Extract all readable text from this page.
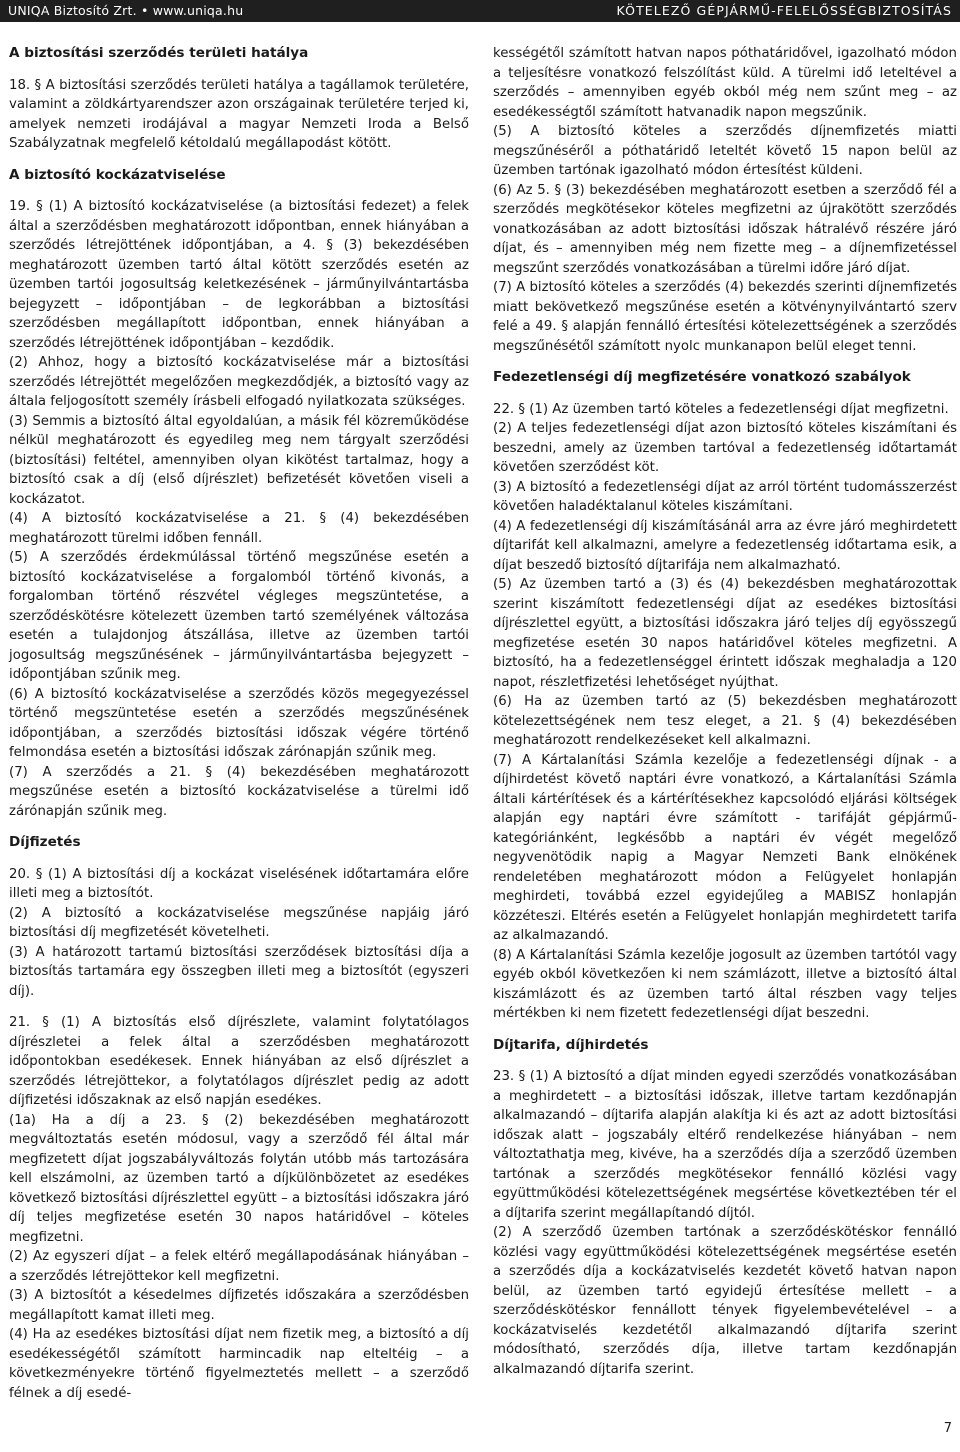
UNIQA Biztosító Zrt. • www.uniqa.hu	KÖTELEZŐ GÉPJÁRMŰ-FELELŐSSÉGBIZTOSÍTÁS
A biztosítási szerződés területi hatálya

18. § A biztosítási szerződés területi hatálya a tagállamok területére, valamint a zöldkártyarendszer azon országainak területére terjed ki, amelyek nemzeti irodájával a magyar Nemzeti Iroda a Belső Szabályzatnak megfelelő kétoldalú megállapodást kötött.

A biztosító kockázatviselése

19. § (1) A biztosító kockázatviselése (a biztosítási fedezet) a felek által a szerződésben meghatározott időpontban, ennek hiányában a szerződés létrejöttének időpontjában, a 4. § (3) bekezdésében meghatározott üzemben tartó által kötött szerződés esetén az üzemben tartói jogosultság keletkezésének – járműnyilvántartásba bejegyzett – időpontjában – de legkorábban a biztosítási szerződésben megállapított időpontban, ennek hiányában a szerződés létrejöttének időpontjában – kezdődik.

(2) Ahhoz, hogy a biztosító kockázatviselése már a biztosítási szerződés létrejöttét megelőzően megkezdődjék, a biztosító vagy az általa feljogosított személy írásbeli elfogadó nyilatkozata szükséges.

(3) Semmis a biztosító által egyoldalúan, a másik fél közreműködése nélkül meghatározott és egyedileg meg nem tárgyalt szerződési (biztosítási) feltétel, amennyiben olyan kikötést tartalmaz, hogy a biztosító csak a díj (első díjrészlet) befizetését követően viseli a kockázatot.

(4) A biztosító kockázatviselése a 21. § (4) bekezdésében meghatározott türelmi időben fennáll.

(5) A szerződés érdekmúlással történő megszűnése esetén a biztosító kockázatviselése a forgalomból történő kivonás, a forgalomban történő részvétel végleges megszüntetése, a szerződéskötésre kötelezett üzemben tartó személyének változása esetén a tulajdonjog átszállása, illetve az üzemben tartói jogosultság megszűnésének – járműnyilvántartásba bejegyzett – időpontjában szűnik meg.

(6) A biztosító kockázatviselése a szerződés közös megegyezéssel történő megszüntetése esetén a szerződés megszűnésének időpontjában, a szerződés biztosítási időszak végére történő felmondása esetén a biztosítási időszak zárónapján szűnik meg.

(7) A szerződés a 21. § (4) bekezdésében meghatározott megszűnése esetén a biztosító kockázatviselése a türelmi idő zárónapján szűnik meg.

Díjfizetés

20. § (1) A biztosítási díj a kockázat viselésének időtartamára előre illeti meg a biztosítót.

(2) A biztosító a kockázatviselése megszűnése napjáig járó biztosítási díj megfizetését követelheti.

(3) A határozott tartamú biztosítási szerződések biztosítási díja a biztosítás tartamára egy összegben illeti meg a biztosítót (egyszeri díj).

21. § (1) A biztosítás első díjrészlete, valamint folytatólagos díjrészletei a felek által a szerződésben meghatározott időpontokban esedékesek. Ennek hiányában az első díjrészlet a szerződés létrejöttekor, a folytatólagos díjrészlet pedig az adott díjfizetési időszaknak az első napján esedékes.

(1a) Ha a díj a 23. § (2) bekezdésében meghatározott megváltoztatás esetén módosul, vagy a szerződő fél által már megfizetett díjat jogszabályváltozás folytán utóbb más tartozására kell elszámolni, az üzemben tartó a díjkülönbözetet az esedékes következő biztosítási díjrészlettel együtt – a biztosítási időszakra járó díj teljes megfizetése esetén 30 napos határidővel – köteles megfizetni.

(2) Az egyszeri díjat – a felek eltérő megállapodásának hiányában – a szerződés létrejöttekor kell megfizetni.

(3) A biztosítót a késedelmes díjfizetés időszakára a szerződésben megállapított kamat illeti meg.

(4) Ha az esedékes biztosítási díjat nem fizetik meg, a biztosító a díj esedékességétől számított harmincadik nap elteltéig – a következményekre történő figyelmeztetés mellett – a szerződő félnek a díj esedé-

kességétől számított hatvan napos póthatáridővel, igazolható módon a teljesítésre vonatkozó felszólítást küld. A türelmi idő leteltével a szerződés – amennyiben egyéb okból még nem szűnt meg – az esedékességtől számított hatvanadik napon megszűnik.

(5) A biztosító köteles a szerződés díjnemfizetés miatti megszűnéséről a póthatáridő leteltét követő 15 napon belül az üzemben tartónak igazolható módon értesítést küldeni.

(6) Az 5. § (3) bekezdésében meghatározott esetben a szerződő fél a szerződés megkötésekor köteles megfizetni az újrakötött szerződés vonatkozásában az adott biztosítási időszak hátralévő részére járó díjat, és – amennyiben még nem fizette meg – a díjnemfizetéssel megszűnt szerződés vonatkozásában a türelmi időre járó díjat.

(7) A biztosító köteles a szerződés (4) bekezdés szerinti díjnemfizetés miatt bekövetkező megszűnése esetén a kötvénynyilvántartó szerv felé a 49. § alapján fennálló értesítési kötelezettségének a szerződés megszűnésétől számított nyolc munkanapon belül eleget tenni.

Fedezetlenségi díj megfizetésére vonatkozó szabályok

22. § (1) Az üzemben tartó köteles a fedezetlenségi díjat megfizetni.

(2) A teljes fedezetlenségi díjat azon biztosító köteles kiszámítani és beszedni, amely az üzemben tartóval a fedezetlenség időtartamát követően szerződést köt.

(3) A biztosító a fedezetlenségi díjat az arról történt tudomásszerzést követően haladéktalanul köteles kiszámítani.

(4) A fedezetlenségi díj kiszámításánál arra az évre járó meghirdetett díjtarifát kell alkalmazni, amelyre a fedezetlenség időtartama esik, a díjat beszedő biztosító díjtarifája nem alkalmazható.

(5) Az üzemben tartó a (3) és (4) bekezdésben meghatározottak szerint kiszámított fedezetlenségi díjat az esedékes biztosítási díjrészlettel együtt, a biztosítási időszakra járó teljes díj egyösszegű megfizetése esetén 30 napos határidővel köteles megfizetni. A biztosító, ha a fedezetlenséggel érintett időszak meghaladja a 120 napot, részletfizetési lehetőséget nyújthat.

(6) Ha az üzemben tartó az (5) bekezdésben meghatározott kötelezettségének nem tesz eleget, a 21. § (4) bekezdésében meghatározott rendelkezéseket kell alkalmazni.

(7) A Kártalanítási Számla kezelője a fedezetlenségi díjnak - a díjhirdetést követő naptári évre vonatkozó, a Kártalanítási Számla általi kártérítések és a kártérítésekhez kapcsolódó eljárási költségek alapján egy naptári évre számított - tarifáját gépjármű-kategóriánként, legkésőbb a naptári év végét megelőző negyvenötödik napig a Magyar Nemzeti Bank elnökének rendeletében meghatározott módon a Felügyelet honlapján meghirdeti, továbbá ezzel egyidejűleg a MABISZ honlapján közzéteszi. Eltérés esetén a Felügyelet honlapján meghirdetett tarifa az alkalmazandó.

(8) A Kártalanítási Számla kezelője jogosult az üzemben tartótól vagy egyéb okból következően ki nem számlázott, illetve a biztosító által kiszámlázott és az üzemben tartó által részben vagy teljes mértékben ki nem fizetett fedezetlenségi díjat beszedni.

Díjtarifa, díjhirdetés

23. § (1) A biztosító a díjat minden egyedi szerződés vonatkozásában a meghirdetett – a biztosítási időszak, illetve tartam kezdőnapján alkalmazandó – díjtarifa alapján alakítja ki és azt az adott biztosítási időszak alatt – jogszabály eltérő rendelkezése hiányában – nem változtathatja meg, kivéve, ha a szerződés díja a szerződő üzemben tartónak a szerződés megkötésekor fennálló közlési vagy együttműködési kötelezettségének megsértése következtében tér el a díjtarifa szerint megállapítandó díjtól.

(2) A szerződő üzemben tartónak a szerződéskötéskor fennálló közlési vagy együttműködési kötelezettségének megsértése esetén a szerződés díja a kockázatviselés kezdetét követő hatvan napon belül, az üzemben tartó egyidejű értesítése mellett – a szerződéskötéskor fennállott tények figyelembevételével – a kockázatviselés kezdetétől alkalmazandó díjtarifa szerint módosítható, szerződés díja, illetve tartam kezdőnapján alkalmazandó díjtarifa szerint.

7
